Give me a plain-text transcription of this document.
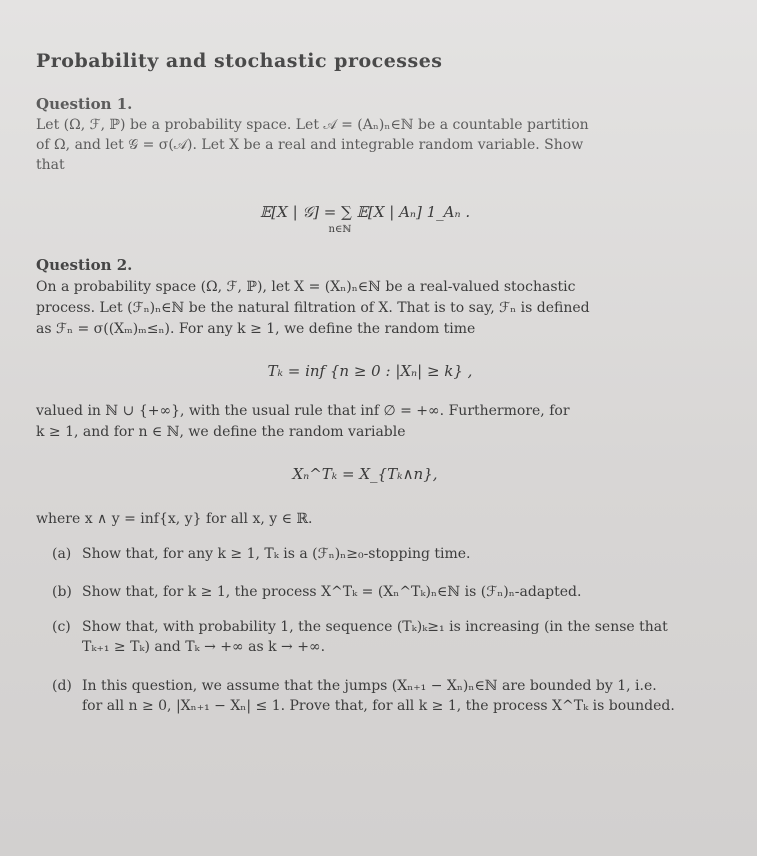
Probability and stochastic processes
Question 1.
Let (Ω, ℱ, ℙ) be a probability space. Let 𝒜 = (Aₙ)ₙ∈ℕ be a countable partition
of Ω, and let 𝒢 = σ(𝒜). Let X be a real and integrable random variable. Show
that
𝔼[X | 𝒢] = ∑ 𝔼[X | Aₙ] 1_Aₙ .
n∈ℕ
Question 2.
On a probability space (Ω, ℱ, ℙ), let X = (Xₙ)ₙ∈ℕ be a real-valued stochastic
process. Let (ℱₙ)ₙ∈ℕ be the natural filtration of X. That is to say, ℱₙ is defined
as ℱₙ = σ((Xₘ)ₘ≤ₙ). For any k ≥ 1, we define the random time
Tₖ = inf {n ≥ 0 : |Xₙ| ≥ k} ,
valued in ℕ ∪ {+∞}, with the usual rule that inf ∅ = +∞. Furthermore, for
k ≥ 1, and for n ∈ ℕ, we define the random variable
Xₙ^Tₖ = X_{Tₖ∧n},
where x ∧ y = inf{x, y} for all x, y ∈ ℝ.
(a) Show that, for any k ≥ 1, Tₖ is a (ℱₙ)ₙ≥₀-stopping time.
(b) Show that, for k ≥ 1, the process X^Tₖ = (Xₙ^Tₖ)ₙ∈ℕ is (ℱₙ)ₙ-adapted.
(c) Show that, with probability 1, the sequence (Tₖ)ₖ≥₁ is increasing (in the sense that Tₖ₊₁ ≥ Tₖ) and Tₖ → +∞ as k → +∞.
(d) In this question, we assume that the jumps (Xₙ₊₁ − Xₙ)ₙ∈ℕ are bounded by 1, i.e. for all n ≥ 0, |Xₙ₊₁ − Xₙ| ≤ 1. Prove that, for all k ≥ 1, the process X^Tₖ is bounded.
